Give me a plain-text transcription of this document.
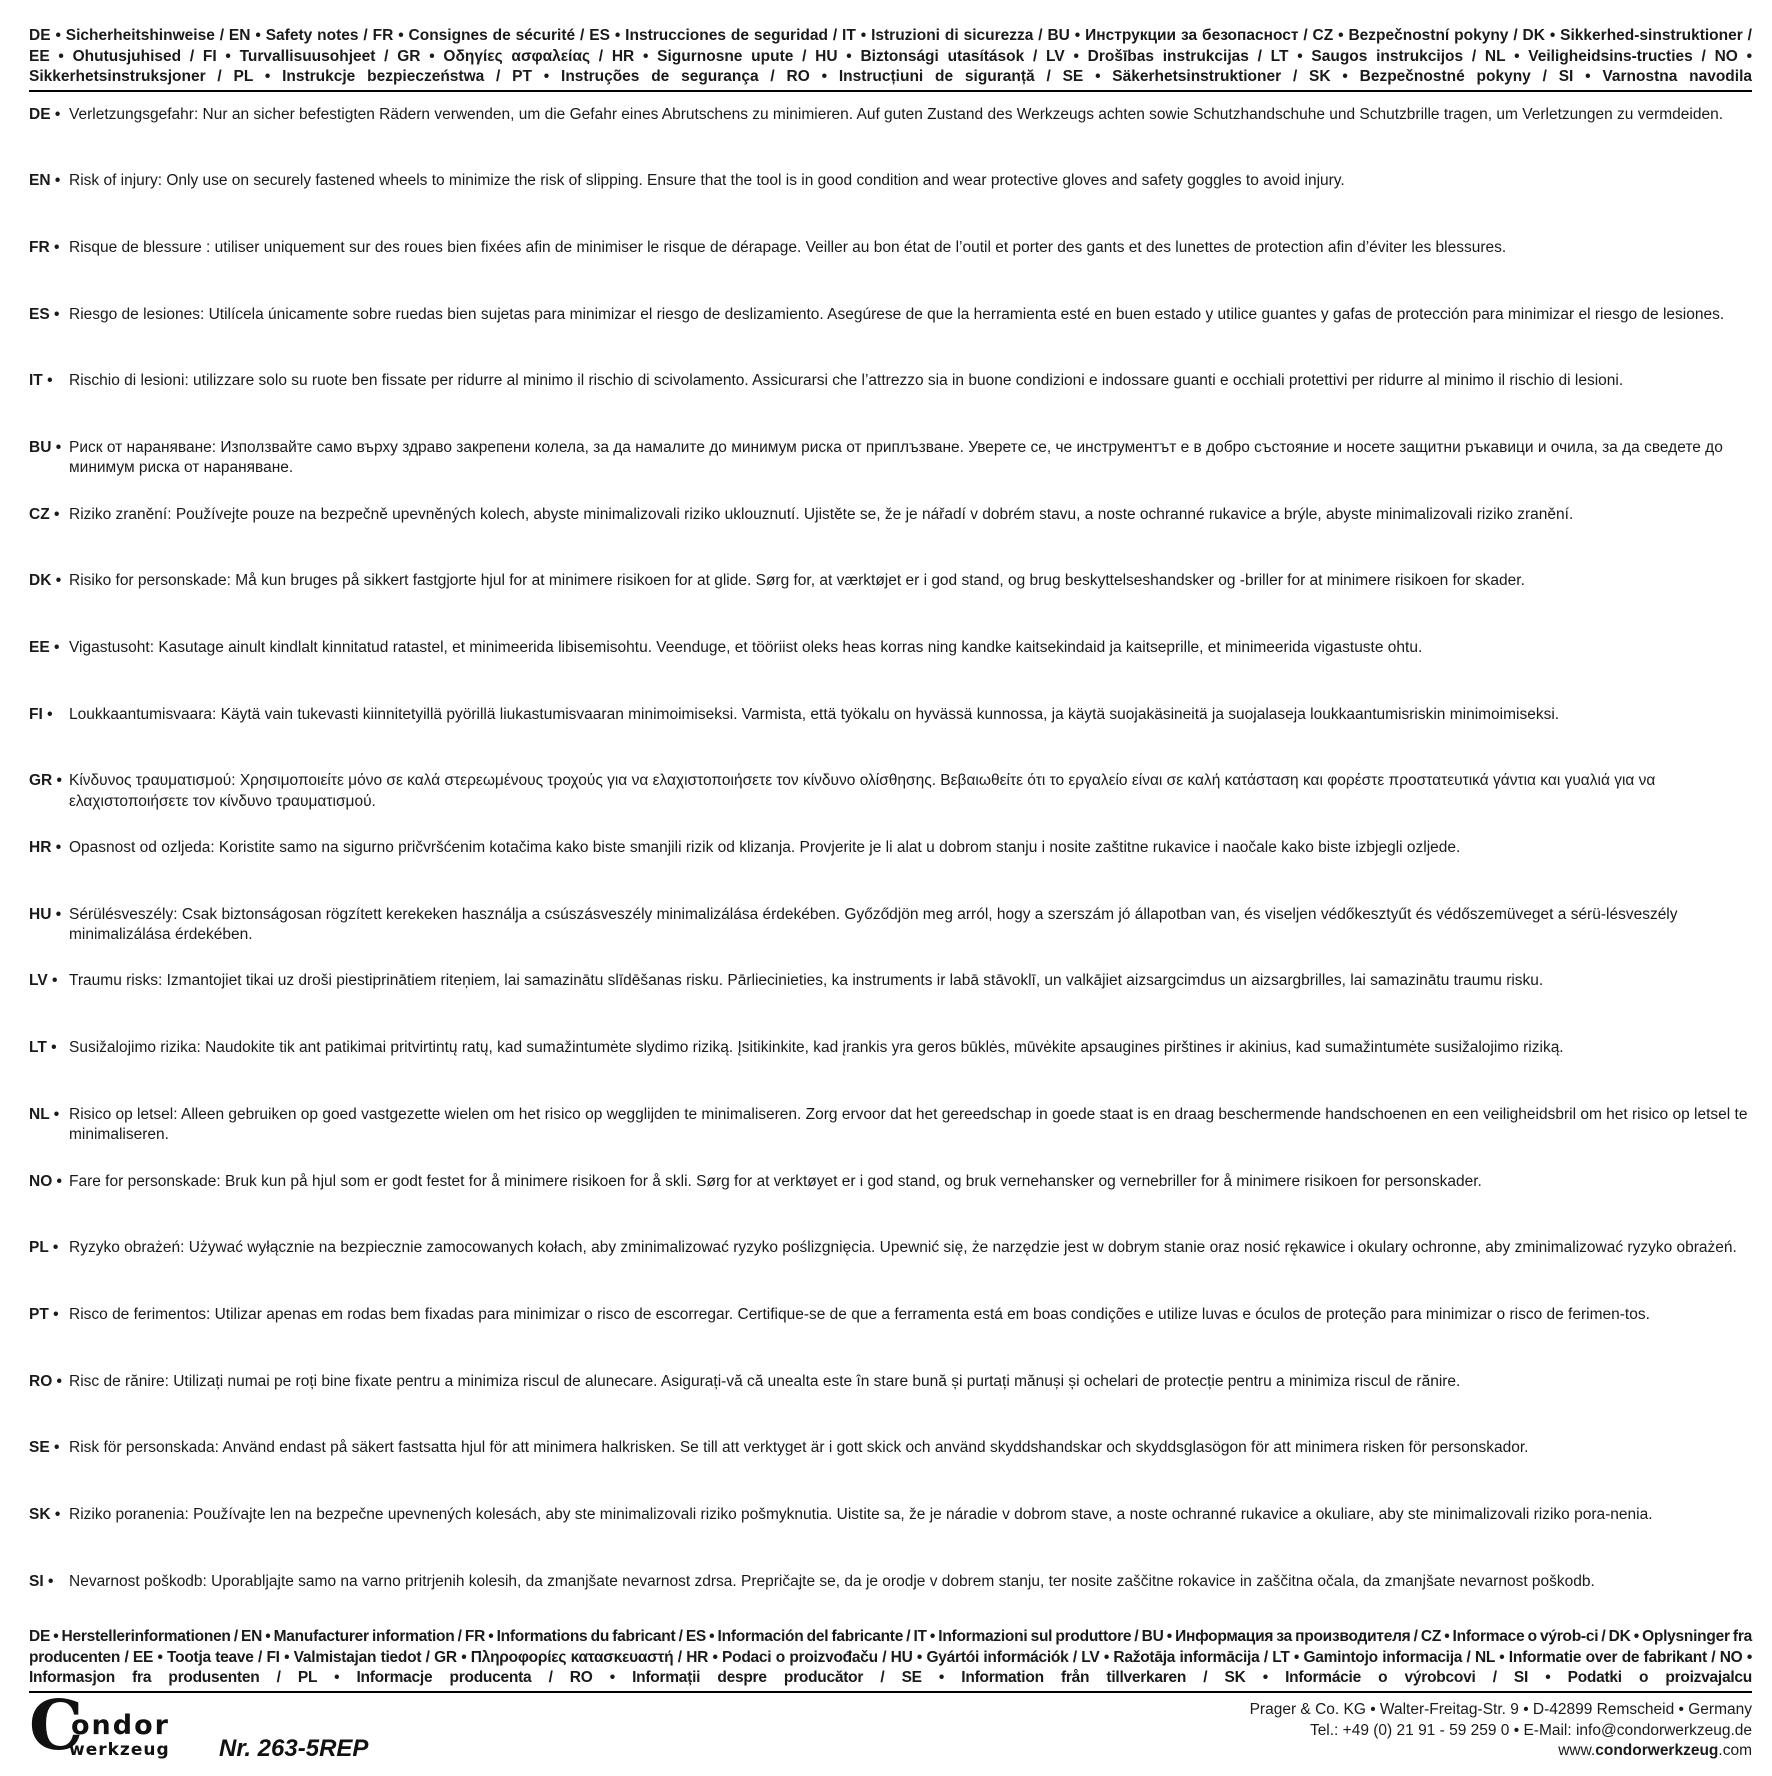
DE • Sicherheitshinweise / EN • Safety notes / FR • Consignes de sécurité / ES • Instrucciones de seguridad / IT • Istruzioni di sicurezza / BU • Инструкции за безопасност / CZ • Bezpečnostní pokyny / DK • Sikkerhed-sinstruktioner / EE • Ohutusjuhised / FI • Turvallisuusohjeet / GR • Οδηγίες ασφαλείας / HR • Sigurnosne upute / HU • Biztonsági utasítások / LV • Drošības instrukcijas / LT • Saugos instrukcijos / NL • Veiligheidsins-tructies / NO • Sikkerhetsinstruksjoner / PL • Instrukcje bezpieczeństwa / PT • Instruções de segurança / RO • Instrucțiuni de siguranță / SE • Säkerhetsinstruktioner / SK • Bezpečnostné pokyny / SI • Varnostna navodila

DE • Verletzungsgefahr: Nur an sicher befestigten Rädern verwenden, um die Gefahr eines Abrutschens zu minimieren. Auf guten Zustand des Werkzeugs achten sowie Schutzhandschuhe und Schutzbrille tragen, um Verletzungen zu vermdeiden.
EN • Risk of injury: Only use on securely fastened wheels to minimize the risk of slipping. Ensure that the tool is in good condition and wear protective gloves and safety goggles to avoid injury.
FR • Risque de blessure : utiliser uniquement sur des roues bien fixées afin de minimiser le risque de dérapage. Veiller au bon état de l’outil et porter des gants et des lunettes de protection afin d’éviter les blessures.
ES • Riesgo de lesiones: Utilícela únicamente sobre ruedas bien sujetas para minimizar el riesgo de deslizamiento. Asegúrese de que la herramienta esté en buen estado y utilice guantes y gafas de protección para minimizar el riesgo de lesiones.
IT •	Rischio di lesioni: utilizzare solo su ruote ben fissate per ridurre al minimo il rischio di scivolamento. Assicurarsi che l’attrezzo sia in buone condizioni e indossare guanti e occhiali protettivi per ridurre al minimo il rischio di lesioni.
BU • Риск от нараняване: Използвайте само върху здраво закрепени колела, за да намалите до минимум риска от приплъзване. Уверете се, че инструментът е в добро състояние и носете защитни ръкавици и очила, за да сведете до минимум риска от нараняване.
CZ • Riziko zranění: Používejte pouze na bezpečně upevněných kolech, abyste minimalizovali riziko uklouznutí. Ujistěte se, že je nářadí v dobrém stavu, a noste ochranné rukavice a brýle, abyste minimalizovali riziko zranění.
DK • Risiko for personskade: Må kun bruges på sikkert fastgjorte hjul for at minimere risikoen for at glide. Sørg for, at værktøjet er i god stand, og brug beskyttelseshandsker og -briller for at minimere risikoen for skader.
EE • Vigastusoht: Kasutage ainult kindlalt kinnitatud ratastel, et minimeerida libisemisohtu. Veenduge, et tööriist oleks heas korras ning kandke kaitsekindaid ja kaitseprille, et minimeerida vigastuste ohtu.
FI •	Loukkaantumisvaara: Käytä vain tukevasti kiinnitetyillä pyörillä liukastumisvaaran minimoimiseksi. Varmista, että työkalu on hyvässä kunnossa, ja käytä suojakäsineitä ja suojalaseja loukkaantumisriskin minimoimiseksi.
GR • Κίνδυνος τραυματισμού: Χρησιμοποιείτε μόνο σε καλά στερεωμένους τροχούς για να ελαχιστοποιήσετε τον κίνδυνο ολίσθησης. Βεβαιωθείτε ότι το εργαλείο είναι σε καλή κατάσταση και φορέστε προστατευτικά γάντια και γυαλιά για να ελαχιστοποιήσετε τον κίνδυνο τραυματισμού.
HR • Opasnost od ozljeda: Koristite samo na sigurno pričvršćenim kotačima kako biste smanjili rizik od klizanja. Provjerite je li alat u dobrom stanju i nosite zaštitne rukavice i naočale kako biste izbjegli ozljede.
HU • Sérülésveszély: Csak biztonságosan rögzített kerekeken használja a csúszásveszély minimalizálása érdekében. Győződjön meg arról, hogy a szerszám jó állapotban van, és viseljen védőkesztyűt és védőszemüveget a sérü-lésveszély minimalizálása érdekében.
LV • Traumu risks: Izmantojiet tikai uz droši piestiprinātiem riteņiem, lai samazinātu slīdēšanas risku. Pārliecinieties, ka instruments ir labā stāvoklī, un valkājiet aizsargcimdus un aizsargbrilles, lai samazinātu traumu risku.
LT • Susižalojimo rizika: Naudokite tik ant patikimai pritvirtintų ratų, kad sumažintumėte slydimo riziką. Įsitikinkite, kad įrankis yra geros būklės, mūvėkite apsaugines pirštines ir akinius, kad sumažintumėte susižalojimo riziką.
NL • Risico op letsel: Alleen gebruiken op goed vastgezette wielen om het risico op wegglijden te minimaliseren. Zorg ervoor dat het gereedschap in goede staat is en draag beschermende handschoenen en een veiligheidsbril om het risico op letsel te minimaliseren.
NO • Fare for personskade: Bruk kun på hjul som er godt festet for å minimere risikoen for å skli. Sørg for at verktøyet er i god stand, og bruk vernehansker og vernebriller for å minimere risikoen for personskader.
PL • Ryzyko obrażeń: Używać wyłącznie na bezpiecznie zamocowanych kołach, aby zminimalizować ryzyko poślizgnięcia. Upewnić się, że narzędzie jest w dobrym stanie oraz nosić rękawice i okulary ochronne, aby zminimalizować ryzyko obrażeń.
PT • Risco de ferimentos: Utilizar apenas em rodas bem fixadas para minimizar o risco de escorregar. Certifique-se de que a ferramenta está em boas condições e utilize luvas e óculos de proteção para minimizar o risco de ferimen-tos.
RO • Risc de rănire: Utilizați numai pe roți bine fixate pentru a minimiza riscul de alunecare. Asigurați-vă că unealta este în stare bună și purtați mănuși și ochelari de protecție pentru a minimiza riscul de rănire.
SE • Risk för personskada: Använd endast på säkert fastsatta hjul för att minimera halkrisken. Se till att verktyget är i gott skick och använd skyddshandskar och skyddsglasögon för att minimera risken för personskador.
SK • Riziko poranenia: Používajte len na bezpečne upevnených kolesách, aby ste minimalizovali riziko pošmyknutia. Uistite sa, že je náradie v dobrom stave, a noste ochranné rukavice a okuliare, aby ste minimalizovali riziko pora-nenia.
SI •	Nevarnost poškodb: Uporabljajte samo na varno pritrjenih kolesih, da zmanjšate nevarnost zdrsa. Prepričajte se, da je orodje v dobrem stanju, ter nosite zaščitne rokavice in zaščitna očala, da zmanjšate nevarnost poškodb.

DE • Herstellerinformationen / EN • Manufacturer information / FR • Informations du fabricant / ES • Información del fabricante / IT • Informazioni sul produttore / BU • Информация за производителя / CZ • Informace o výrob-ci / DK • Oplysninger fra producenten / EE • Tootja teave / FI • Valmistajan tiedot / GR • Πληροφορίες κατασκευαστή / HR • Podaci o proizvođaču / HU • Gyártói információk / LV • Ražotāja informācija / LT • Gamintojo informacija / NL • Informatie over de fabrikant / NO • Informasjon fra produsenten / PL • Informacje producenta / RO • Informații despre producător / SE • Information från tillverkaren / SK • Informácie o výrobcovi / SI • Podatki o proizvajalcu

C
ondor
werkzeug Nr. 263-5REP
Prager & Co. KG • Walter-Freitag-Str. 9 • D-42899 Remscheid • Germany
Tel.: +49 (0) 21 91 - 59 259 0 • E-Mail: info@condorwerkzeug.de
www.condorwerkzeug.com
